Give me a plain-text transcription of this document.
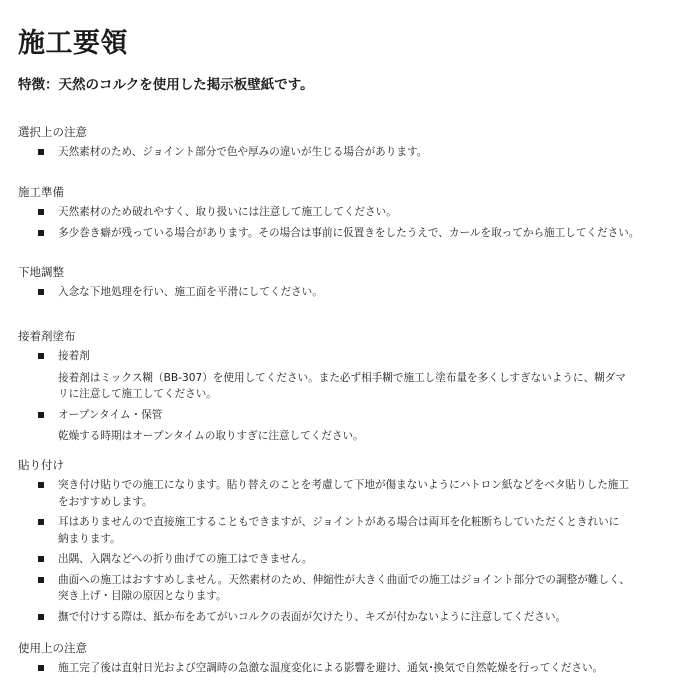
施工要領

特徴：天然のコルクを使用した掲示板壁紙です。

選択上の注意
天然素材のため、ジョイント部分で色や厚みの違いが生じる場合があります。
施工準備
天然素材のため破れやすく、取り扱いには注意して施工してください。
多少巻き癖が残っている場合があります。その場合は事前に仮置きをしたうえで、カールを取ってから施工してください。
下地調整
入念な下地処理を行い、施工面を平滑にしてください。
接着剤塗布
接着剤
接着剤はミックス糊（BB-307）を使用してください。また必ず相手糊で施工し塗布量を多くしすぎないように、糊ダマ
リに注意して施工してください。
オープンタイム・保管
乾燥する時期はオープンタイムの取りすぎに注意してください。
貼り付け
突き付け貼りでの施工になります。貼り替えのことを考慮して下地が傷まないようにハトロン紙などをベタ貼りした施工
をおすすめします。
耳はありませんので直接施工することもできますが、ジョイントがある場合は両耳を化粧断ちしていただくときれいに
納まります。
出隅、入隅などへの折り曲げての施工はできません。
曲面への施工はおすすめしません。天然素材のため、伸縮性が大きく曲面での施工はジョイント部分での調整が難しく、
突き上げ・目隙の原因となります。
撫で付けする際は、紙か布をあてがいコルクの表面が欠けたり、キズが付かないように注意してください。
使用上の注意
施工完了後は直射日光および空調時の急激な温度変化による影響を避け、通気･換気で自然乾燥を行ってください。
